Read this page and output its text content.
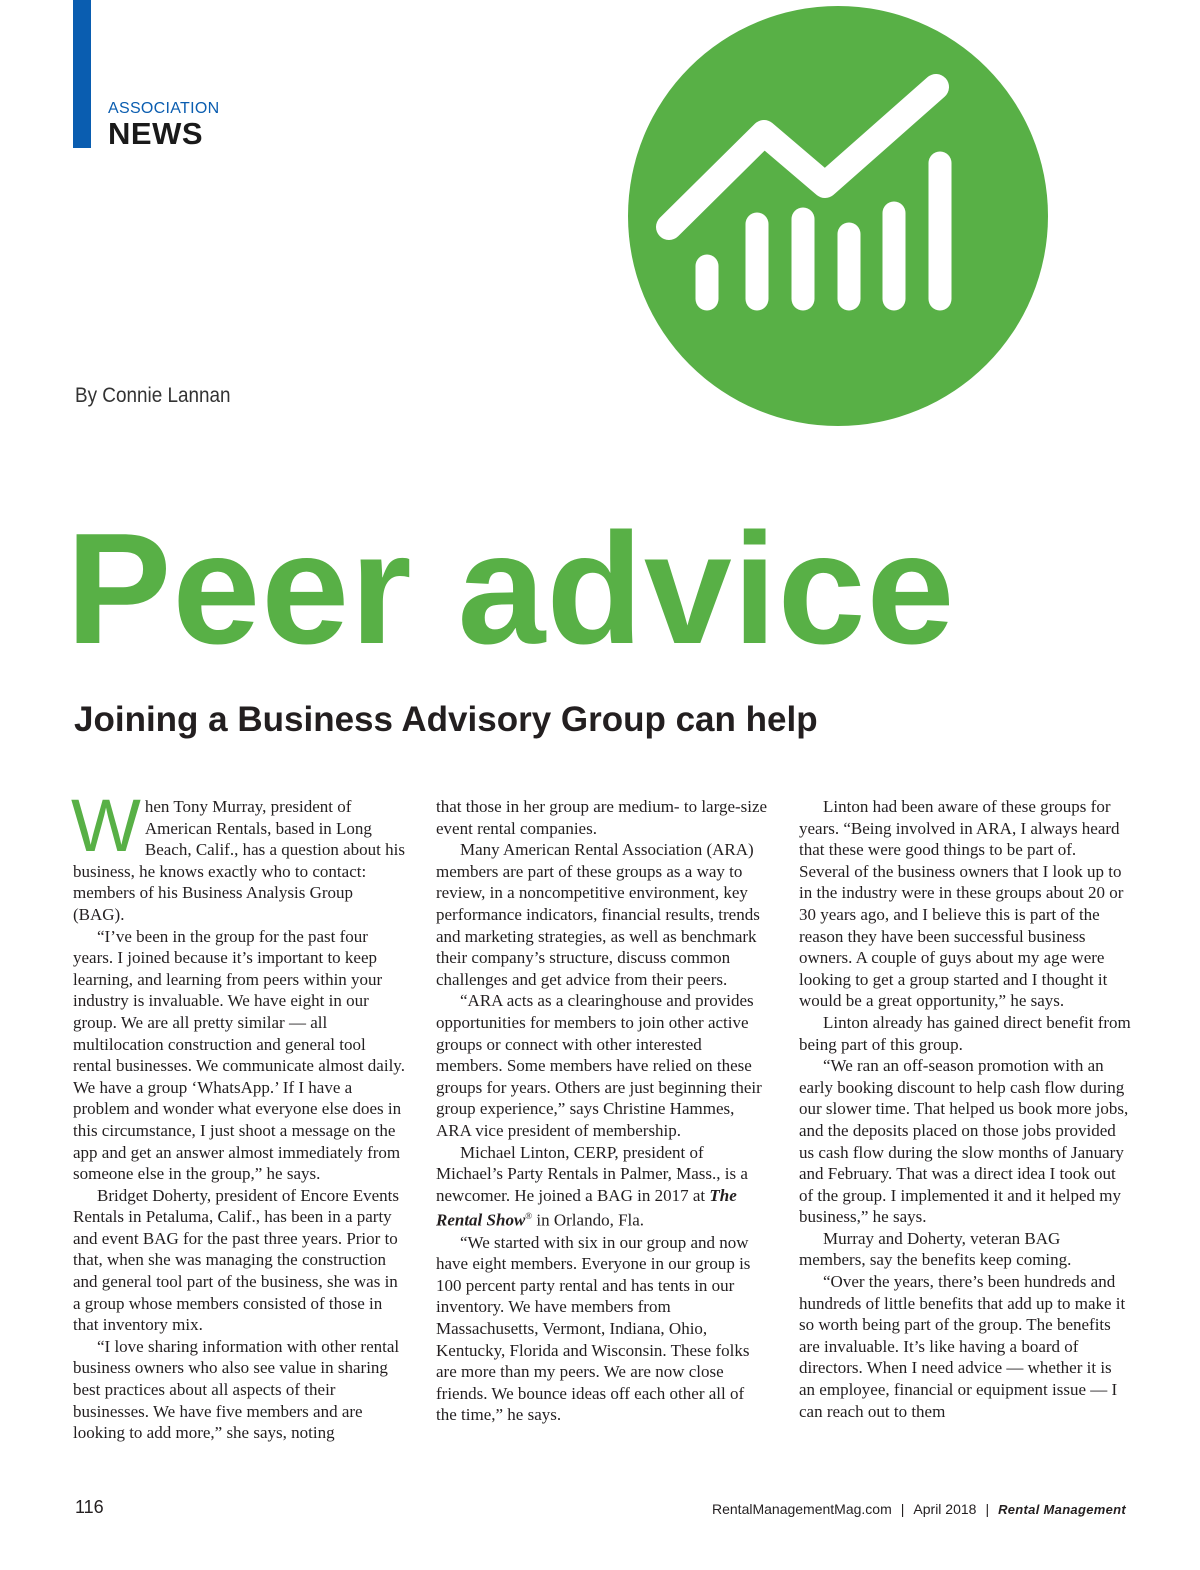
ASSOCIATION
NEWS
By Connie Lannan
Peer advice
Joining a Business Advisory Group can help

When Tony Murray, president of American Rentals, based in Long Beach, Calif., has a question about his business, he knows exactly who to contact: members of his Business Analysis Group (BAG).

“I’ve been in the group for the past four years. I joined because it’s important to keep learning, and learning from peers within your industry is invaluable. We have eight in our group. We are all pretty similar — all multilocation construction and general tool rental businesses. We communicate almost daily. We have a group ‘WhatsApp.’ If I have a problem and wonder what everyone else does in this circumstance, I just shoot a message on the app and get an answer almost immediately from someone else in the group,” he says.

Bridget Doherty, president of Encore Events Rentals in Petaluma, Calif., has been in a party and event BAG for the past three years. Prior to that, when she was managing the construction and general tool part of the business, she was in a group whose members consisted of those in that inventory mix.

“I love sharing information with other rental business owners who also see value in sharing best practices about all aspects of their businesses. We have five members and are looking to add more,” she says, noting

that those in her group are medium- to large-size event rental companies.

Many American Rental Association (ARA) members are part of these groups as a way to review, in a noncompetitive environment, key performance indicators, financial results, trends and marketing strategies, as well as benchmark their company’s structure, discuss common challenges and get advice from their peers.

“ARA acts as a clearinghouse and provides opportunities for members to join other active groups or connect with other interested members. Some members have relied on these groups for years. Others are just beginning their group experience,” says Christine Hammes, ARA vice president of membership.

Michael Linton, CERP, president of Michael’s Party Rentals in Palmer, Mass., is a newcomer. He joined a BAG in 2017 at The Rental Show® in Orlando, Fla.

“We started with six in our group and now have eight members. Everyone in our group is 100 percent party rental and has tents in our inventory. We have members from Massachusetts, Vermont, Indiana, Ohio, Kentucky, Florida and Wisconsin. These folks are more than my peers. We are now close friends. We bounce ideas off each other all of the time,” he says.

Linton had been aware of these groups for years. “Being involved in ARA, I always heard that these were good things to be part of. Several of the business owners that I look up to in the industry were in these groups about 20 or 30 years ago, and I believe this is part of the reason they have been successful business owners. A couple of guys about my age were looking to get a group started and I thought it would be a great opportunity,” he says.

Linton already has gained direct benefit from being part of this group.

“We ran an off-season promotion with an early booking discount to help cash flow during our slower time. That helped us book more jobs, and the deposits placed on those jobs provided us cash flow during the slow months of January and February. That was a direct idea I took out of the group. I implemented it and it helped my business,” he says.

Murray and Doherty, veteran BAG members, say the benefits keep coming.

“Over the years, there’s been hundreds and hundreds of little benefits that add up to make it so worth being part of the group. The benefits are invaluable. It’s like having a board of directors. When I need advice — whether it is an employee, financial or equipment issue — I can reach out to them

116	RentalManagementMag.com | April 2018 | Rental Management
